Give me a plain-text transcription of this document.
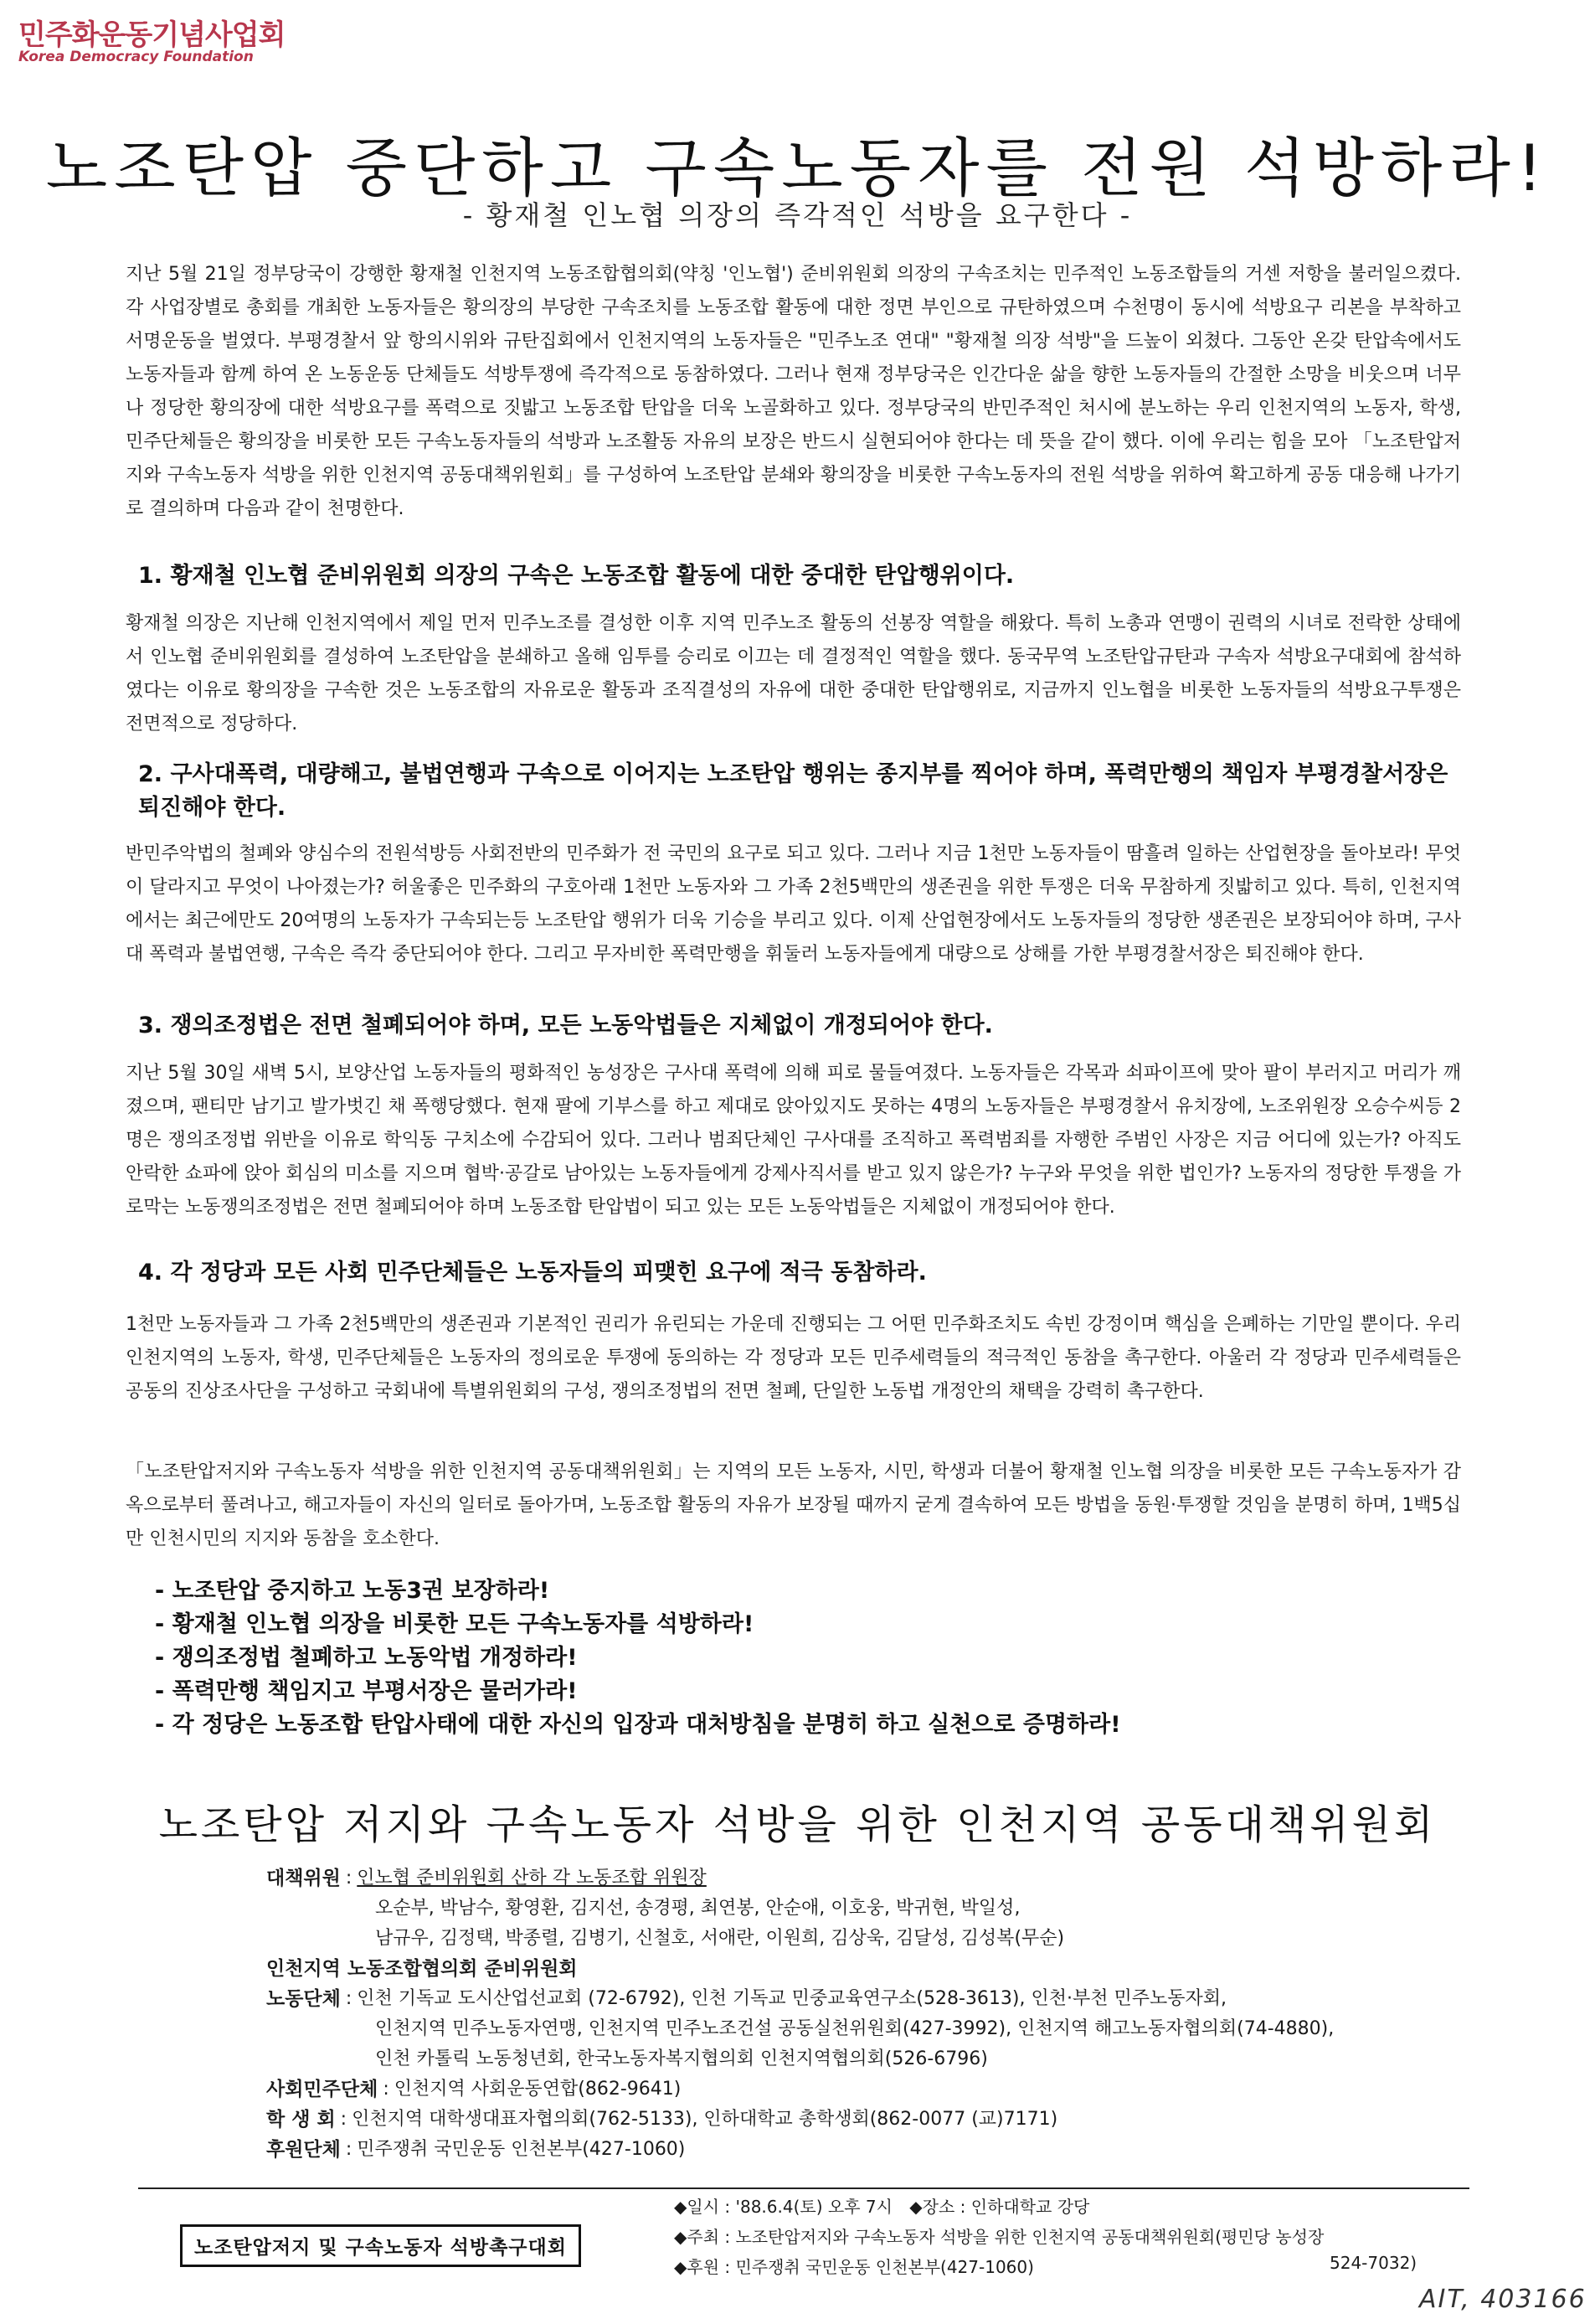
민주화운동기념사업회
Korea Democracy Foundation
노조탄압 중단하고 구속노동자를 전원 석방하라!
- 황재철 인노협 의장의 즉각적인 석방을 요구한다 -
지난 5월 21일 정부당국이 강행한 황재철 인천지역 노동조합협의회(약칭 '인노협') 준비위원회 의장의 구속조치는 민주적인 노동조합들의 거센 저항을 불러일으켰다. 각 사업장별로 총회를 개최한 노동자들은 황의장의 부당한 구속조치를 노동조합 활동에 대한 정면 부인으로 규탄하였으며 수천명이 동시에 석방요구 리본을 부착하고 서명운동을 벌였다. 부평경찰서 앞 항의시위와 규탄집회에서 인천지역의 노동자들은 "민주노조 연대" "황재철 의장 석방"을 드높이 외쳤다. 그동안 온갖 탄압속에서도 노동자들과 함께 하여 온 노동운동 단체들도 석방투쟁에 즉각적으로 동참하였다. 그러나 현재 정부당국은 인간다운 삶을 향한 노동자들의 간절한 소망을 비웃으며 너무나 정당한 황의장에 대한 석방요구를 폭력으로 짓밟고 노동조합 탄압을 더욱 노골화하고 있다. 정부당국의 반민주적인 처시에 분노하는 우리 인천지역의 노동자, 학생, 민주단체들은 황의장을 비롯한 모든 구속노동자들의 석방과 노조활동 자유의 보장은 반드시 실현되어야 한다는 데 뜻을 같이 했다. 이에 우리는 힘을 모아 「노조탄압저지와 구속노동자 석방을 위한 인천지역 공동대책위원회」를 구성하여 노조탄압 분쇄와 황의장을 비롯한 구속노동자의 전원 석방을 위하여 확고하게 공동 대응해 나가기로 결의하며 다음과 같이 천명한다.
1. 황재철 인노협 준비위원회 의장의 구속은 노동조합 활동에 대한 중대한 탄압행위이다.
황재철 의장은 지난해 인천지역에서 제일 먼저 민주노조를 결성한 이후 지역 민주노조 활동의 선봉장 역할을 해왔다. 특히 노총과 연맹이 권력의 시녀로 전락한 상태에서 인노협 준비위원회를 결성하여 노조탄압을 분쇄하고 올해 임투를 승리로 이끄는 데 결정적인 역할을 했다. 동국무역 노조탄압규탄과 구속자 석방요구대회에 참석하였다는 이유로 황의장을 구속한 것은 노동조합의 자유로운 활동과 조직결성의 자유에 대한 중대한 탄압행위로, 지금까지 인노협을 비롯한 노동자들의 석방요구투쟁은 전면적으로 정당하다.
2. 구사대폭력, 대량해고, 불법연행과 구속으로 이어지는 노조탄압 행위는 종지부를 찍어야 하며, 폭력만행의 책임자 부평경찰서장은 퇴진해야 한다.
반민주악법의 철폐와 양심수의 전원석방등 사회전반의 민주화가 전 국민의 요구로 되고 있다. 그러나 지금 1천만 노동자들이 땀흘려 일하는 산업현장을 돌아보라! 무엇이 달라지고 무엇이 나아졌는가? 허울좋은 민주화의 구호아래 1천만 노동자와 그 가족 2천5백만의 생존권을 위한 투쟁은 더욱 무참하게 짓밟히고 있다. 특히, 인천지역에서는 최근에만도 20여명의 노동자가 구속되는등 노조탄압 행위가 더욱 기승을 부리고 있다. 이제 산업현장에서도 노동자들의 정당한 생존권은 보장되어야 하며, 구사대 폭력과 불법연행, 구속은 즉각 중단되어야 한다. 그리고 무자비한 폭력만행을 휘둘러 노동자들에게 대량으로 상해를 가한 부평경찰서장은 퇴진해야 한다.
3. 쟁의조정법은 전면 철폐되어야 하며, 모든 노동악법들은 지체없이 개정되어야 한다.
지난 5월 30일 새벽 5시, 보양산업 노동자들의 평화적인 농성장은 구사대 폭력에 의해 피로 물들여졌다. 노동자들은 각목과 쇠파이프에 맞아 팔이 부러지고 머리가 깨졌으며, 팬티만 남기고 발가벗긴 채 폭행당했다. 현재 팔에 기부스를 하고 제대로 앉아있지도 못하는 4명의 노동자들은 부평경찰서 유치장에, 노조위원장 오승수씨등 2명은 쟁의조정법 위반을 이유로 학익동 구치소에 수감되어 있다. 그러나 범죄단체인 구사대를 조직하고 폭력범죄를 자행한 주범인 사장은 지금 어디에 있는가? 아직도 안락한 쇼파에 앉아 회심의 미소를 지으며 협박·공갈로 남아있는 노동자들에게 강제사직서를 받고 있지 않은가? 누구와 무엇을 위한 법인가? 노동자의 정당한 투쟁을 가로막는 노동쟁의조정법은 전면 철폐되어야 하며 노동조합 탄압법이 되고 있는 모든 노동악법들은 지체없이 개정되어야 한다.
4. 각 정당과 모든 사회 민주단체들은 노동자들의 피맺힌 요구에 적극 동참하라.
1천만 노동자들과 그 가족 2천5백만의 생존권과 기본적인 권리가 유린되는 가운데 진행되는 그 어떤 민주화조치도 속빈 강정이며 핵심을 은폐하는 기만일 뿐이다. 우리 인천지역의 노동자, 학생, 민주단체들은 노동자의 정의로운 투쟁에 동의하는 각 정당과 모든 민주세력들의 적극적인 동참을 촉구한다. 아울러 각 정당과 민주세력들은 공동의 진상조사단을 구성하고 국회내에 특별위원회의 구성, 쟁의조정법의 전면 철폐, 단일한 노동법 개정안의 채택을 강력히 촉구한다.
「노조탄압저지와 구속노동자 석방을 위한 인천지역 공동대책위원회」는 지역의 모든 노동자, 시민, 학생과 더불어 황재철 인노협 의장을 비롯한 모든 구속노동자가 감옥으로부터 풀려나고, 해고자들이 자신의 일터로 돌아가며, 노동조합 활동의 자유가 보장될 때까지 굳게 결속하여 모든 방법을 동원·투쟁할 것임을 분명히 하며, 1백5십만 인천시민의 지지와 동참을 호소한다.
- 노조탄압 중지하고 노동3권 보장하라!
- 황재철 인노협 의장을 비롯한 모든 구속노동자를 석방하라!
- 쟁의조정법 철폐하고 노동악법 개정하라!
- 폭력만행 책임지고 부평서장은 물러가라!
- 각 정당은 노동조합 탄압사태에 대한 자신의 입장과 대처방침을 분명히 하고 실천으로 증명하라!
노조탄압 저지와 구속노동자 석방을 위한 인천지역 공동대책위원회
대책위원 : 인노협 준비위원회 산하 각 노동조합 위원장
오순부, 박남수, 황영환, 김지선, 송경평, 최연봉, 안순애, 이호웅, 박귀현, 박일성,
남규우, 김정택, 박종렬, 김병기, 신철호, 서애란, 이원희, 김상욱, 김달성, 김성복(무순)
인천지역 노동조합협의회 준비위원회
노동단체 : 인천 기독교 도시산업선교회 (72-6792), 인천 기독교 민중교육연구소(528-3613), 인천·부천 민주노동자회,
인천지역 민주노동자연맹, 인천지역 민주노조건설 공동실천위원회(427-3992), 인천지역 해고노동자협의회(74-4880),
인천 카톨릭 노동청년회, 한국노동자복지협의회 인천지역협의회(526-6796)
사회민주단체 : 인천지역 사회운동연합(862-9641)
학 생 회 : 인천지역 대학생대표자협의회(762-5133), 인하대학교 총학생회(862-0077 (교)7171)
후원단체 : 민주쟁취 국민운동 인천본부(427-1060)
노조탄압저지 및 구속노동자 석방촉구대회
◆일시 : '88.6.4(토) 오후 7시 ◆장소 : 인하대학교 강당
◆주최 : 노조탄압저지와 구속노동자 석방을 위한 인천지역 공동대책위원회(평민당 농성장
◆후원 : 민주쟁취 국민운동 인천본부(427-1060)	524-7032)
AIT, 403166
